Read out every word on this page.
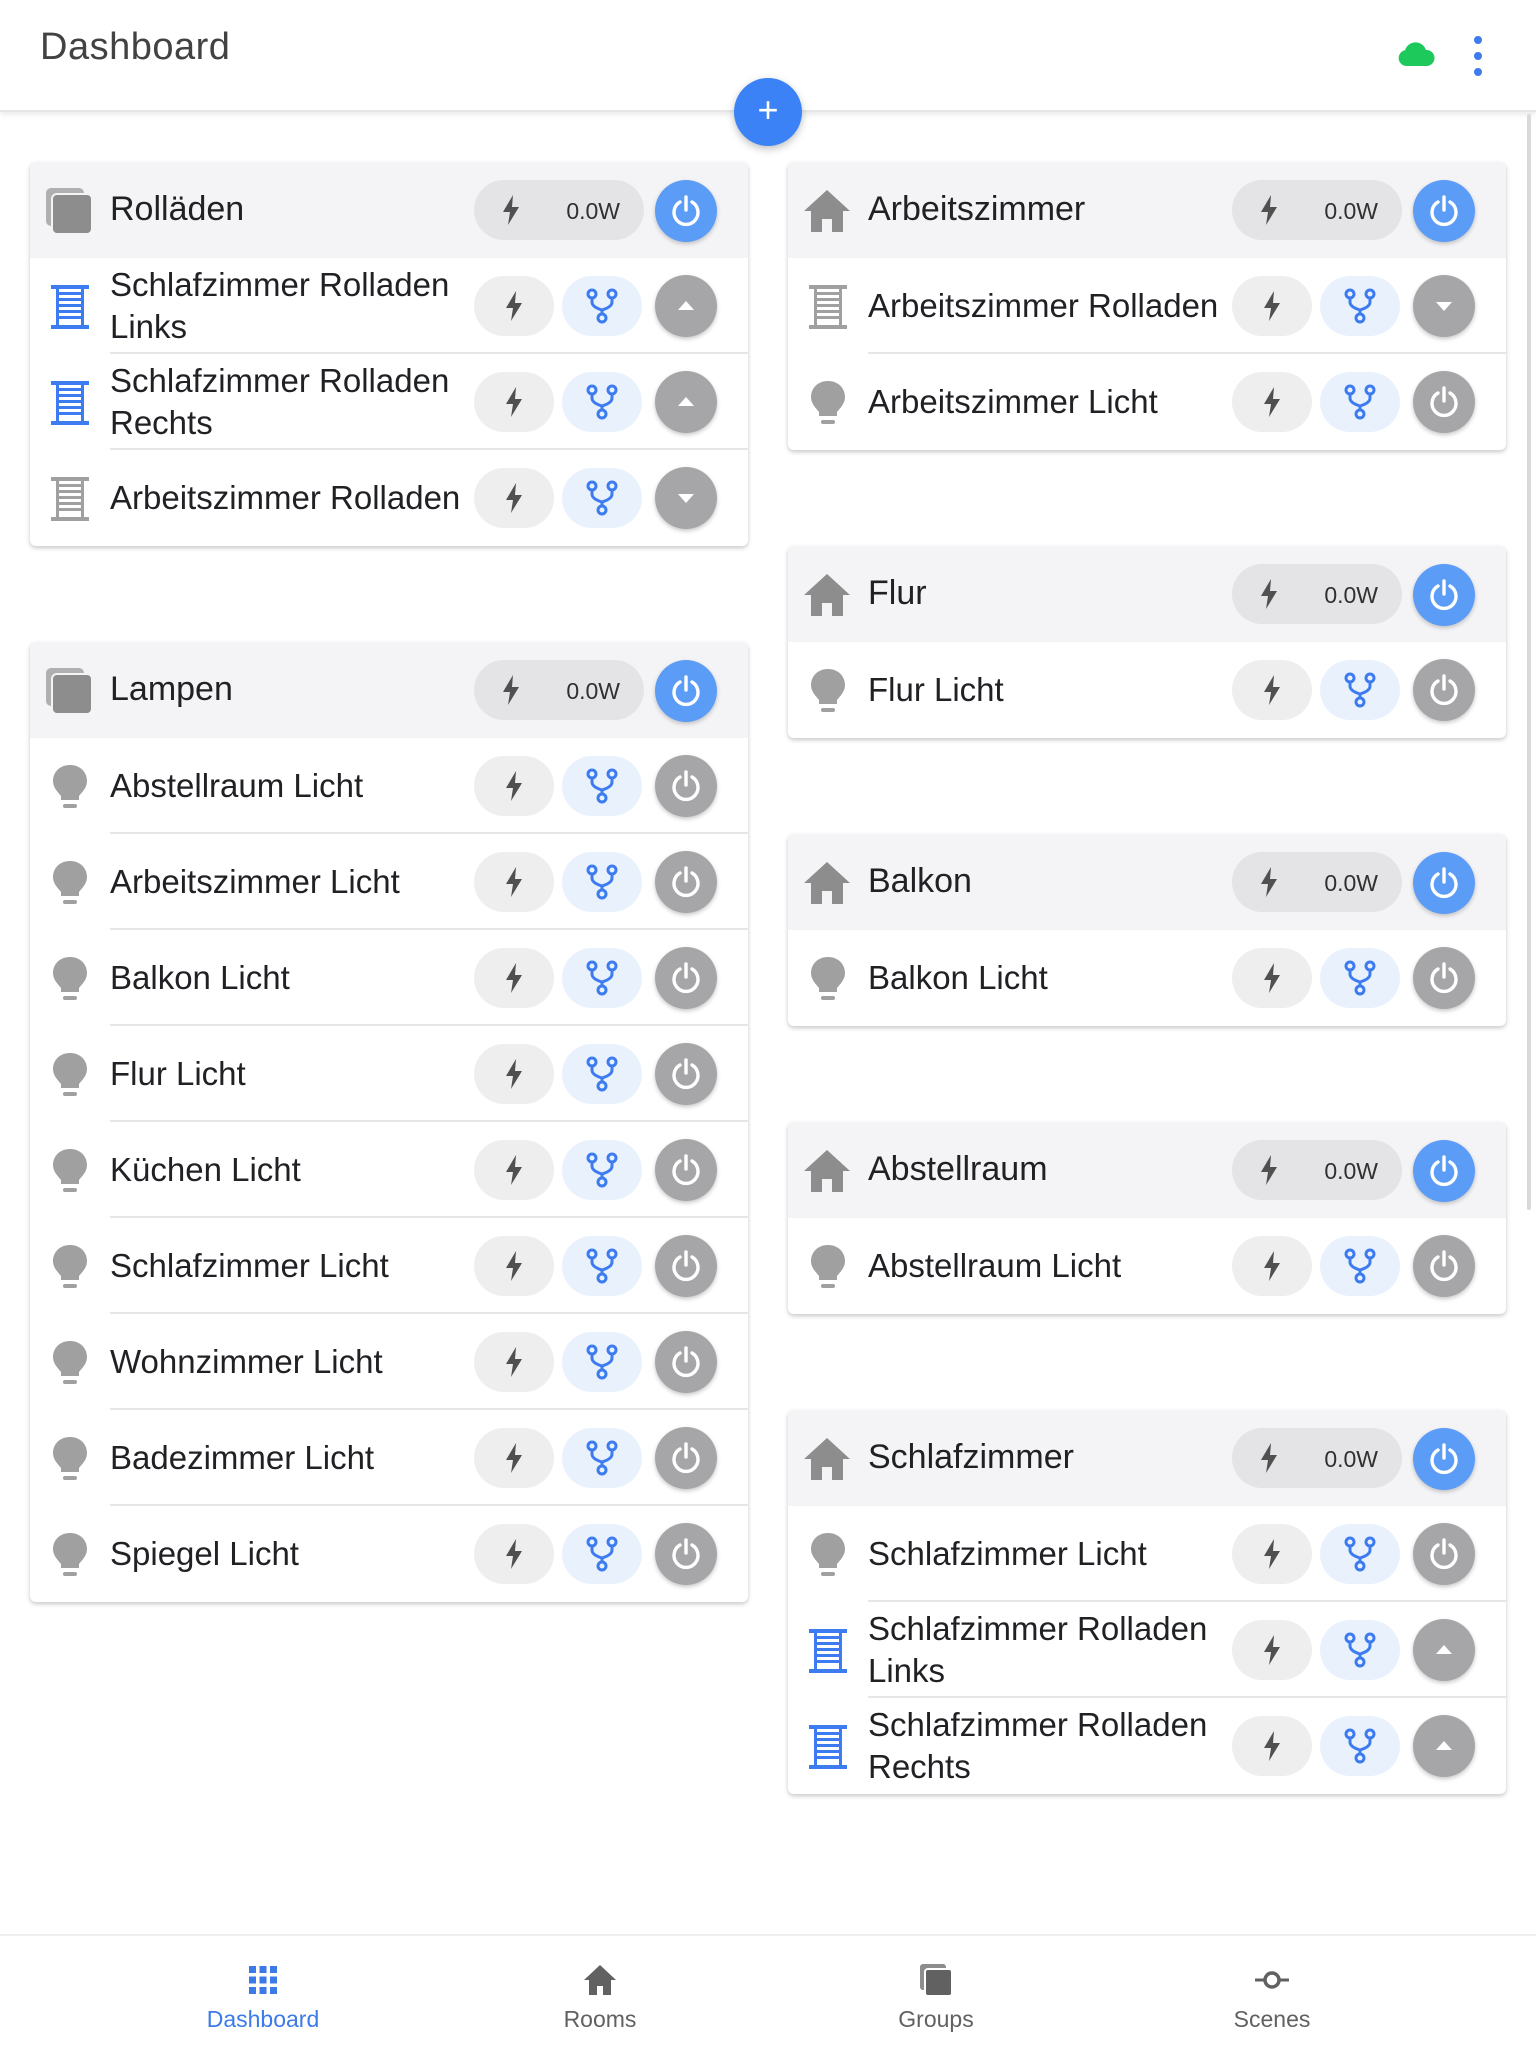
Dashboard
+
Rolläden	0.0W
Schlafzimmer Rolladen Links
Schlafzimmer Rolladen Rechts
Arbeitszimmer Rolladen
Lampen	0.0W
Abstellraum Licht
Arbeitszimmer Licht
Balkon Licht
Flur Licht
Küchen Licht
Schlafzimmer Licht
Wohnzimmer Licht
Badezimmer Licht
Spiegel Licht
Arbeitszimmer	0.0W
Arbeitszimmer Rolladen
Arbeitszimmer Licht
Flur	0.0W
Flur Licht
Balkon	0.0W
Balkon Licht
Abstellraum	0.0W
Abstellraum Licht
Schlafzimmer	0.0W
Schlafzimmer Licht
Schlafzimmer Rolladen Links
Schlafzimmer Rolladen Rechts
Dashboard	Rooms	Groups	Scenes
